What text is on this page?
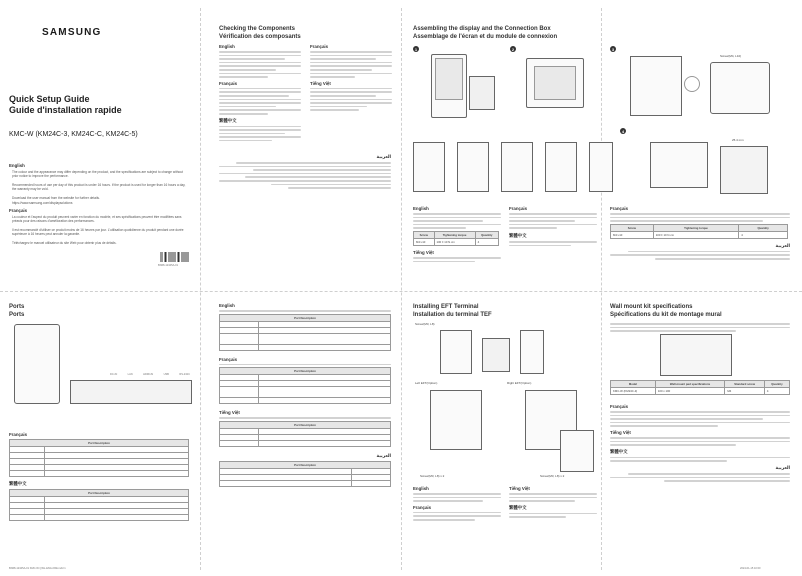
SAMSUNG
Quick Setup Guide
Guide d'installation rapide
KMC-W (KM24C-3, KM24C-C, KM24C-5)
English
The colour and the appearance may differ depending on the product, and the specifications are subject to change without prior notice to improve the performance.
Recommended hours of use per day of this product is under 16 hours. If the product is used for longer than 16 hours a day, the warranty may be void.
Download the user manual from the website for further details.
https://www.samsung.com/displaysolutions
Français
La couleur et l'aspect du produit peuvent varier en fonction du modèle, et ses spécifications peuvent être modifiées sans préavis pour des raisons d'amélioration des performances.
Il est recommandé d'utiliser ce produit moins de 16 heures par jour. L'utilisation quotidienne du produit pendant une durée supérieure à 16 heures peut annuler la garantie.
Téléchargez le manuel utilisateur du site Web pour obtenir plus de détails.
BN68-12345A-01
Checking the Components
Vérification des composants
English
Français
繁體中文
Français
Tiếng Việt
العربية
Assembling the display and the Connection Box
Assemblage de l'écran et du module de connexion
1	2	3
Screw(M4, L10)
4
25.4 mm
English
Screw	Tightening torque	Quantity
M4 L10	100 ± 10 N·cm	4
Tiếng Việt
Français
繁體中文
Français
Screw	Tightening torque	Quantity
M4 L10	100 ± 10 N·cm	4
العربية
Ports
Ports
DC-IN	LAN	HDMI-IN	USB	RS-232C
Français
Port Description	

繁體中文
Port Description	

English
Port Description	

Français
Port Description	

Tiếng Việt
Port Description	

العربية
Port Description	

Installing EFT Terminal
Installation du terminal TEF
Screw(M3, L8)
Left EFT(Option)	Right EFT(Option)
Screw(M3, L8) x 2	Screw(M3, L8) x 2
English
Français
Tiếng Việt
繁體中文
Wall mount kit specifications
Spécifications du kit de montage mural
Model	Wall-mount pad specifications	Standard screw	Quantity
KMC-W (KM24C-3)	100 x 100	M4	4
Français
Tiếng Việt
繁體中文
العربية
BN68-12345A-01 KMC-W QSG-ENG-FRE.indd 1	2024-01-15 10:00
